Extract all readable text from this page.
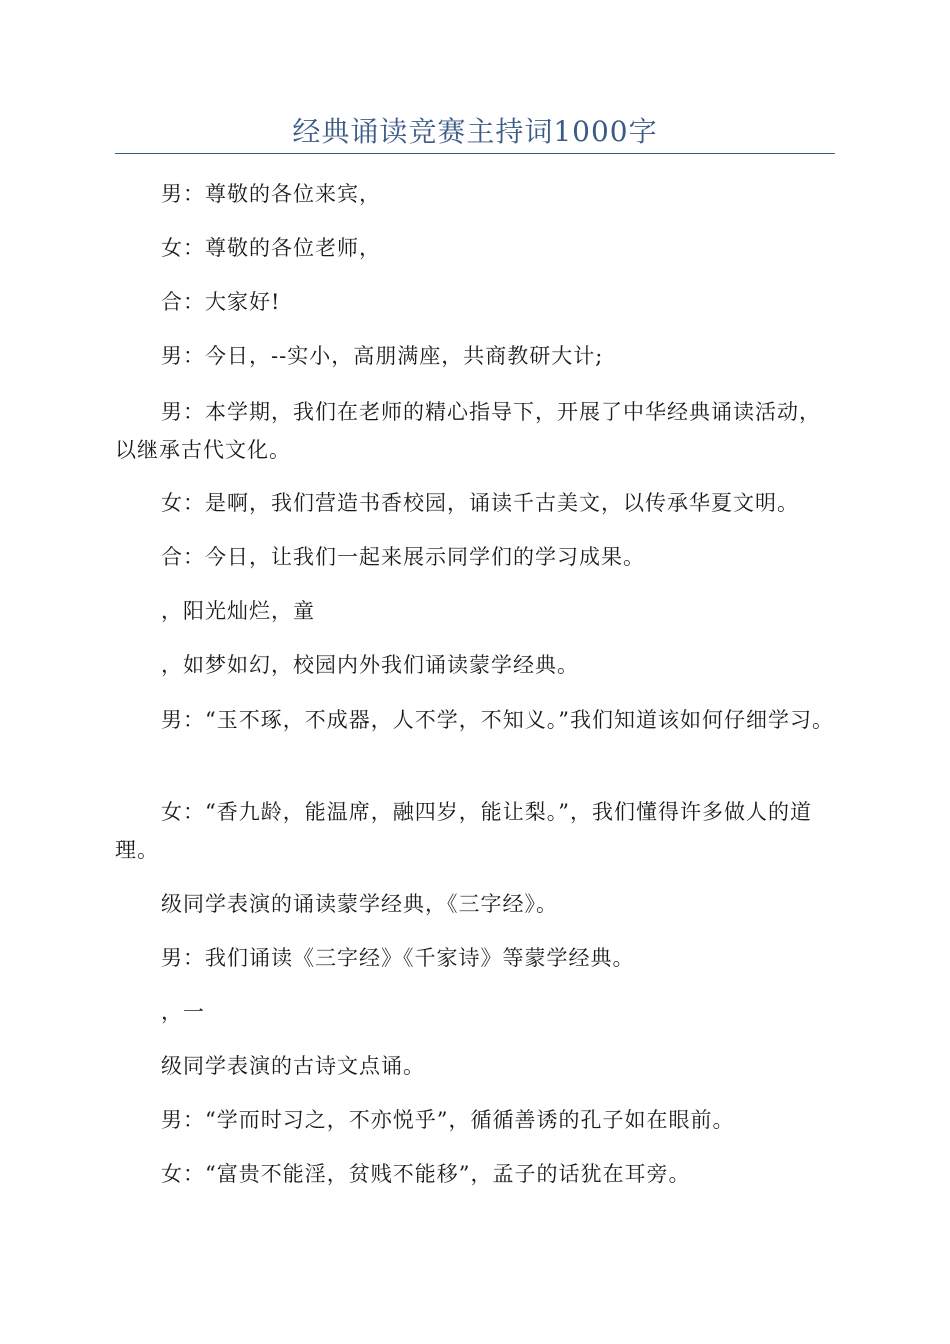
经典诵读竞赛主持词1000字

男：尊敬的各位来宾，

女：尊敬的各位老师，

合：大家好!

男：今日，--实小，高朋满座，共商教研大计;

男：本学期，我们在老师的精心指导下，开展了中华经典诵读活动，以继承古代文化。

女：是啊，我们营造书香校园，诵读千古美文，以传承华夏文明。

合：今日，让我们一起来展示同学们的学习成果。

，阳光灿烂，童

，如梦如幻，校园内外我们诵读蒙学经典。

男：“玉不琢，不成器，人不学，不知义。”我们知道该如何仔细学习。

女：“香九龄，能温席，融四岁，能让梨。”，我们懂得许多做人的道理。

级同学表演的诵读蒙学经典，《三字经》。

男：我们诵读《三字经》《千家诗》等蒙学经典。

，一

级同学表演的古诗文点诵。

男：“学而时习之，不亦悦乎”，循循善诱的孔子如在眼前。

女：“富贵不能淫，贫贱不能移”，孟子的话犹在耳旁。
